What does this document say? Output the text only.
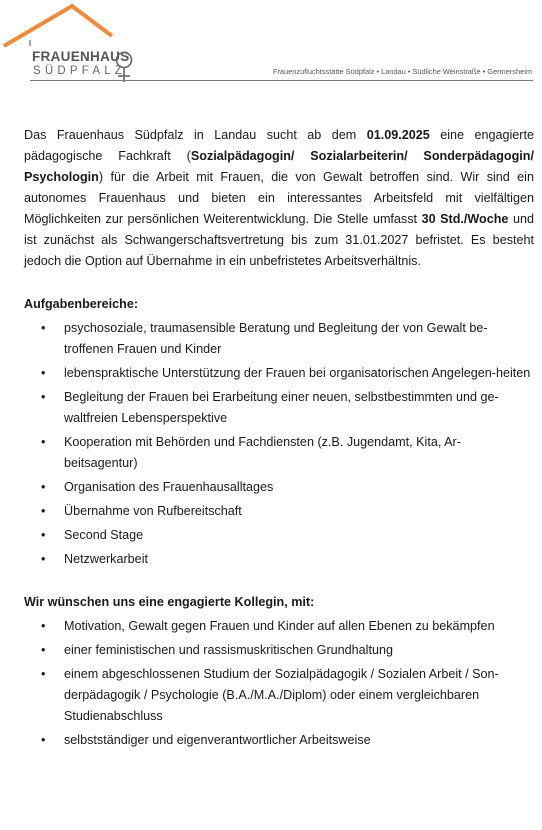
FRAUENHAUS
SÜDPFALZ	Frauenzufluchtsstätte Südpfalz • Landau • Südliche Weinstraße • Germersheim

Das Frauenhaus Südpfalz in Landau sucht ab dem 01.09.2025 eine engagierte pädagogische Fachkraft (Sozialpädagogin/ Sozialarbeiterin/ Sonderpädagogin/ Psychologin) für die Arbeit mit Frauen, die von Gewalt betroffen sind. Wir sind ein autonomes Frauenhaus und bieten ein interessantes Arbeitsfeld mit vielfältigen Möglichkeiten zur persönlichen Weiterentwicklung. Die Stelle umfasst 30 Std./Woche und ist zunächst als Schwangerschaftsvertretung bis zum 31.01.2027 befristet. Es besteht jedoch die Option auf Übernahme in ein unbefristetes Arbeitsverhältnis.

Aufgabenbereiche:
• psychosoziale, traumasensible Beratung und Begleitung der von Gewalt be-troffenen Frauen und Kinder
• lebenspraktische Unterstützung der Frauen bei organisatorischen Angelegen-heiten
• Begleitung der Frauen bei Erarbeitung einer neuen, selbstbestimmten und ge-waltfreien Lebensperspektive
• Kooperation mit Behörden und Fachdiensten (z.B. Jugendamt, Kita, Ar-beitsagentur)
• Organisation des Frauenhausalltages
• Übernahme von Rufbereitschaft
• Second Stage
• Netzwerkarbeit
Wir wünschen uns eine engagierte Kollegin, mit:
• Motivation, Gewalt gegen Frauen und Kinder auf allen Ebenen zu bekämpfen
• einer feministischen und rassismuskritischen Grundhaltung
• einem abgeschlossenen Studium der Sozialpädagogik / Sozialen Arbeit / Son-derpädagogik / Psychologie (B.A./M.A./Diplom) oder einem vergleichbaren Studienabschluss
• selbstständiger und eigenverantwortlicher Arbeitsweise
